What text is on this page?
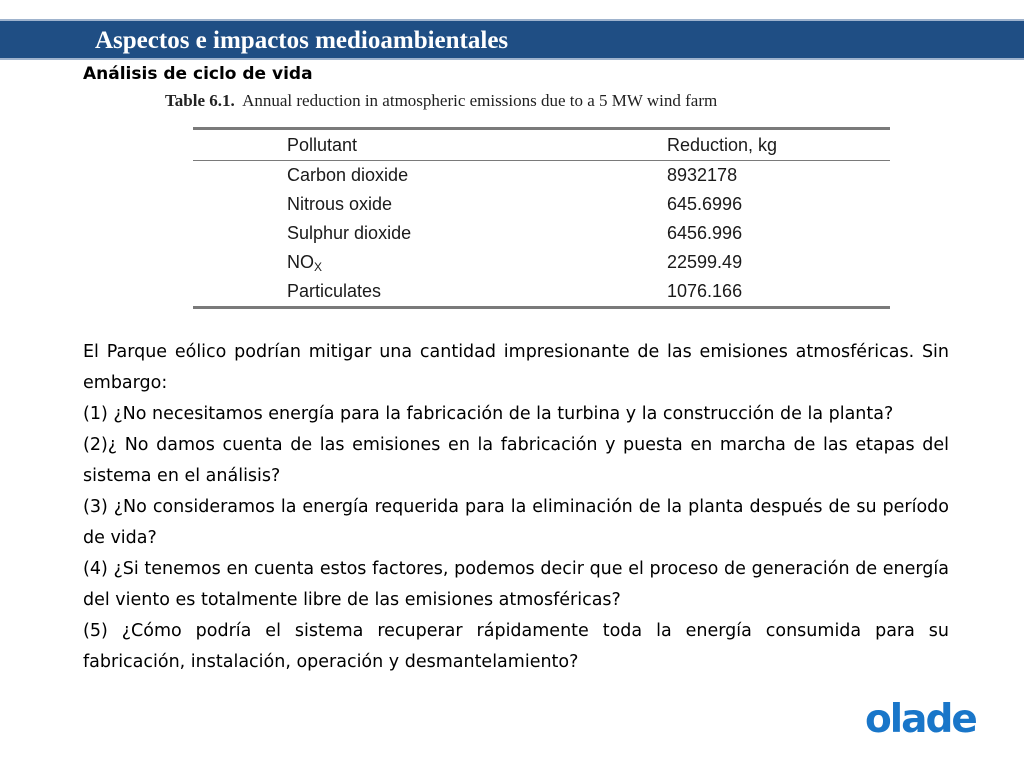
Aspectos e impactos medioambientales
Análisis de ciclo de vida
Table 6.1. Annual reduction in atmospheric emissions due to a 5 MW wind farm
Pollutant	Reduction, kg
Carbon dioxide	8932178
Nitrous oxide	645.6996
Sulphur dioxide	6456.996
$NO_X$	22599.49
Particulates	1076.166

El Parque eólico podrían mitigar una cantidad impresionante de las emisiones atmosféricas. Sin embargo:

(1) ¿No necesitamos energía para la fabricación de la turbina y la construcción de la planta?

(2)¿ No damos cuenta de las emisiones en la fabricación y puesta en marcha de las etapas del sistema en el análisis?

(3) ¿No consideramos la energía requerida para la eliminación de la planta después de su período de vida?

(4) ¿Si tenemos en cuenta estos factores, podemos decir que el proceso de generación de energía del viento es totalmente libre de las emisiones atmosféricas?

(5) ¿Cómo podría el sistema recuperar rápidamente toda la energía consumida para su fabricación, instalación, operación y desmantelamiento?

olade
